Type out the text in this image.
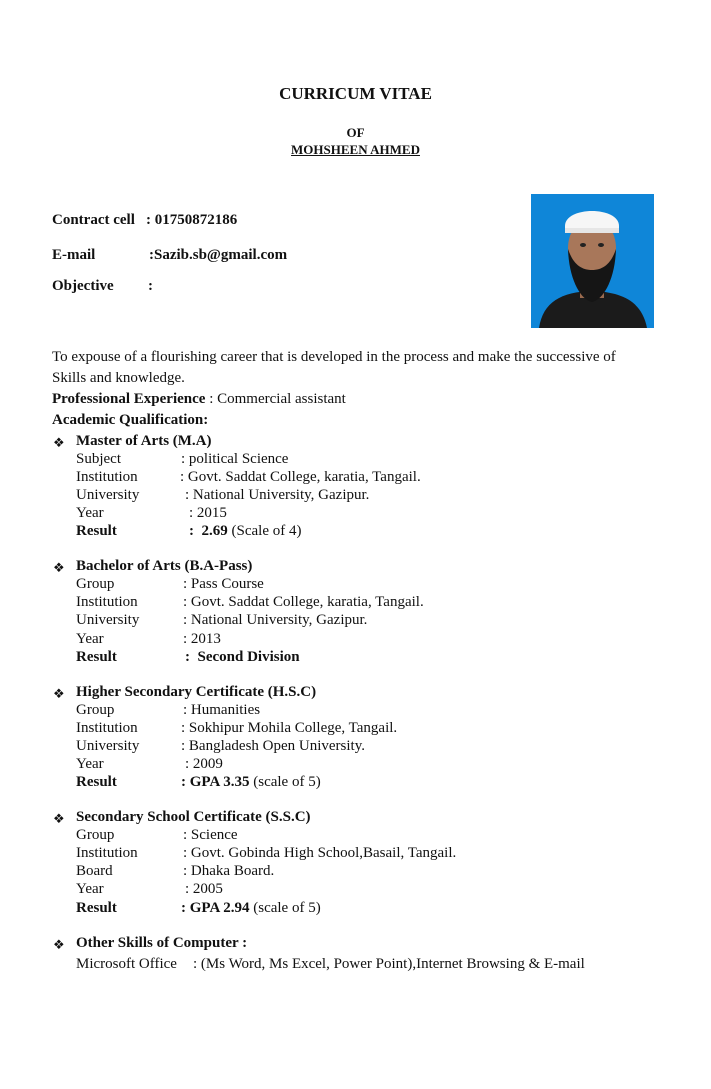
CURRICUM VITAE
OF
MOHSHEEN AHMED
Contract cell : 01750872186
E-mail	:Sazib.sb@gmail.com
Objective :
To expouse of a flourishing career that is developed in the process and make the successive of
Skills and knowledge.
Professional Experience : Commercial assistant
Academic Qualification:
❖ Master of Arts (M.A)
Subject	: political Science
Institution	: Govt. Saddat College, karatia, Tangail.
University	: National University, Gazipur.
Year	: 2015
Result	: 2.69 (Scale of 4)
❖ Bachelor of Arts (B.A-Pass)
Group	: Pass Course
Institution	: Govt. Saddat College, karatia, Tangail.
University	: National University, Gazipur.
Year	: 2013
Result	: Second Division
❖ Higher Secondary Certificate (H.S.C)
Group	: Humanities
Institution	: Sokhipur Mohila College, Tangail.
University	: Bangladesh Open University.
Year	: 2009
Result	: GPA 3.35 (scale of 5)
❖ Secondary School Certificate (S.S.C)
Group	: Science
Institution	: Govt. Gobinda High School,Basail, Tangail.
Board	: Dhaka Board.
Year	: 2005
Result	: GPA 2.94 (scale of 5)
❖ Other Skills of Computer :
Microsoft Office : (Ms Word, Ms Excel, Power Point),Internet Browsing & E-mail
